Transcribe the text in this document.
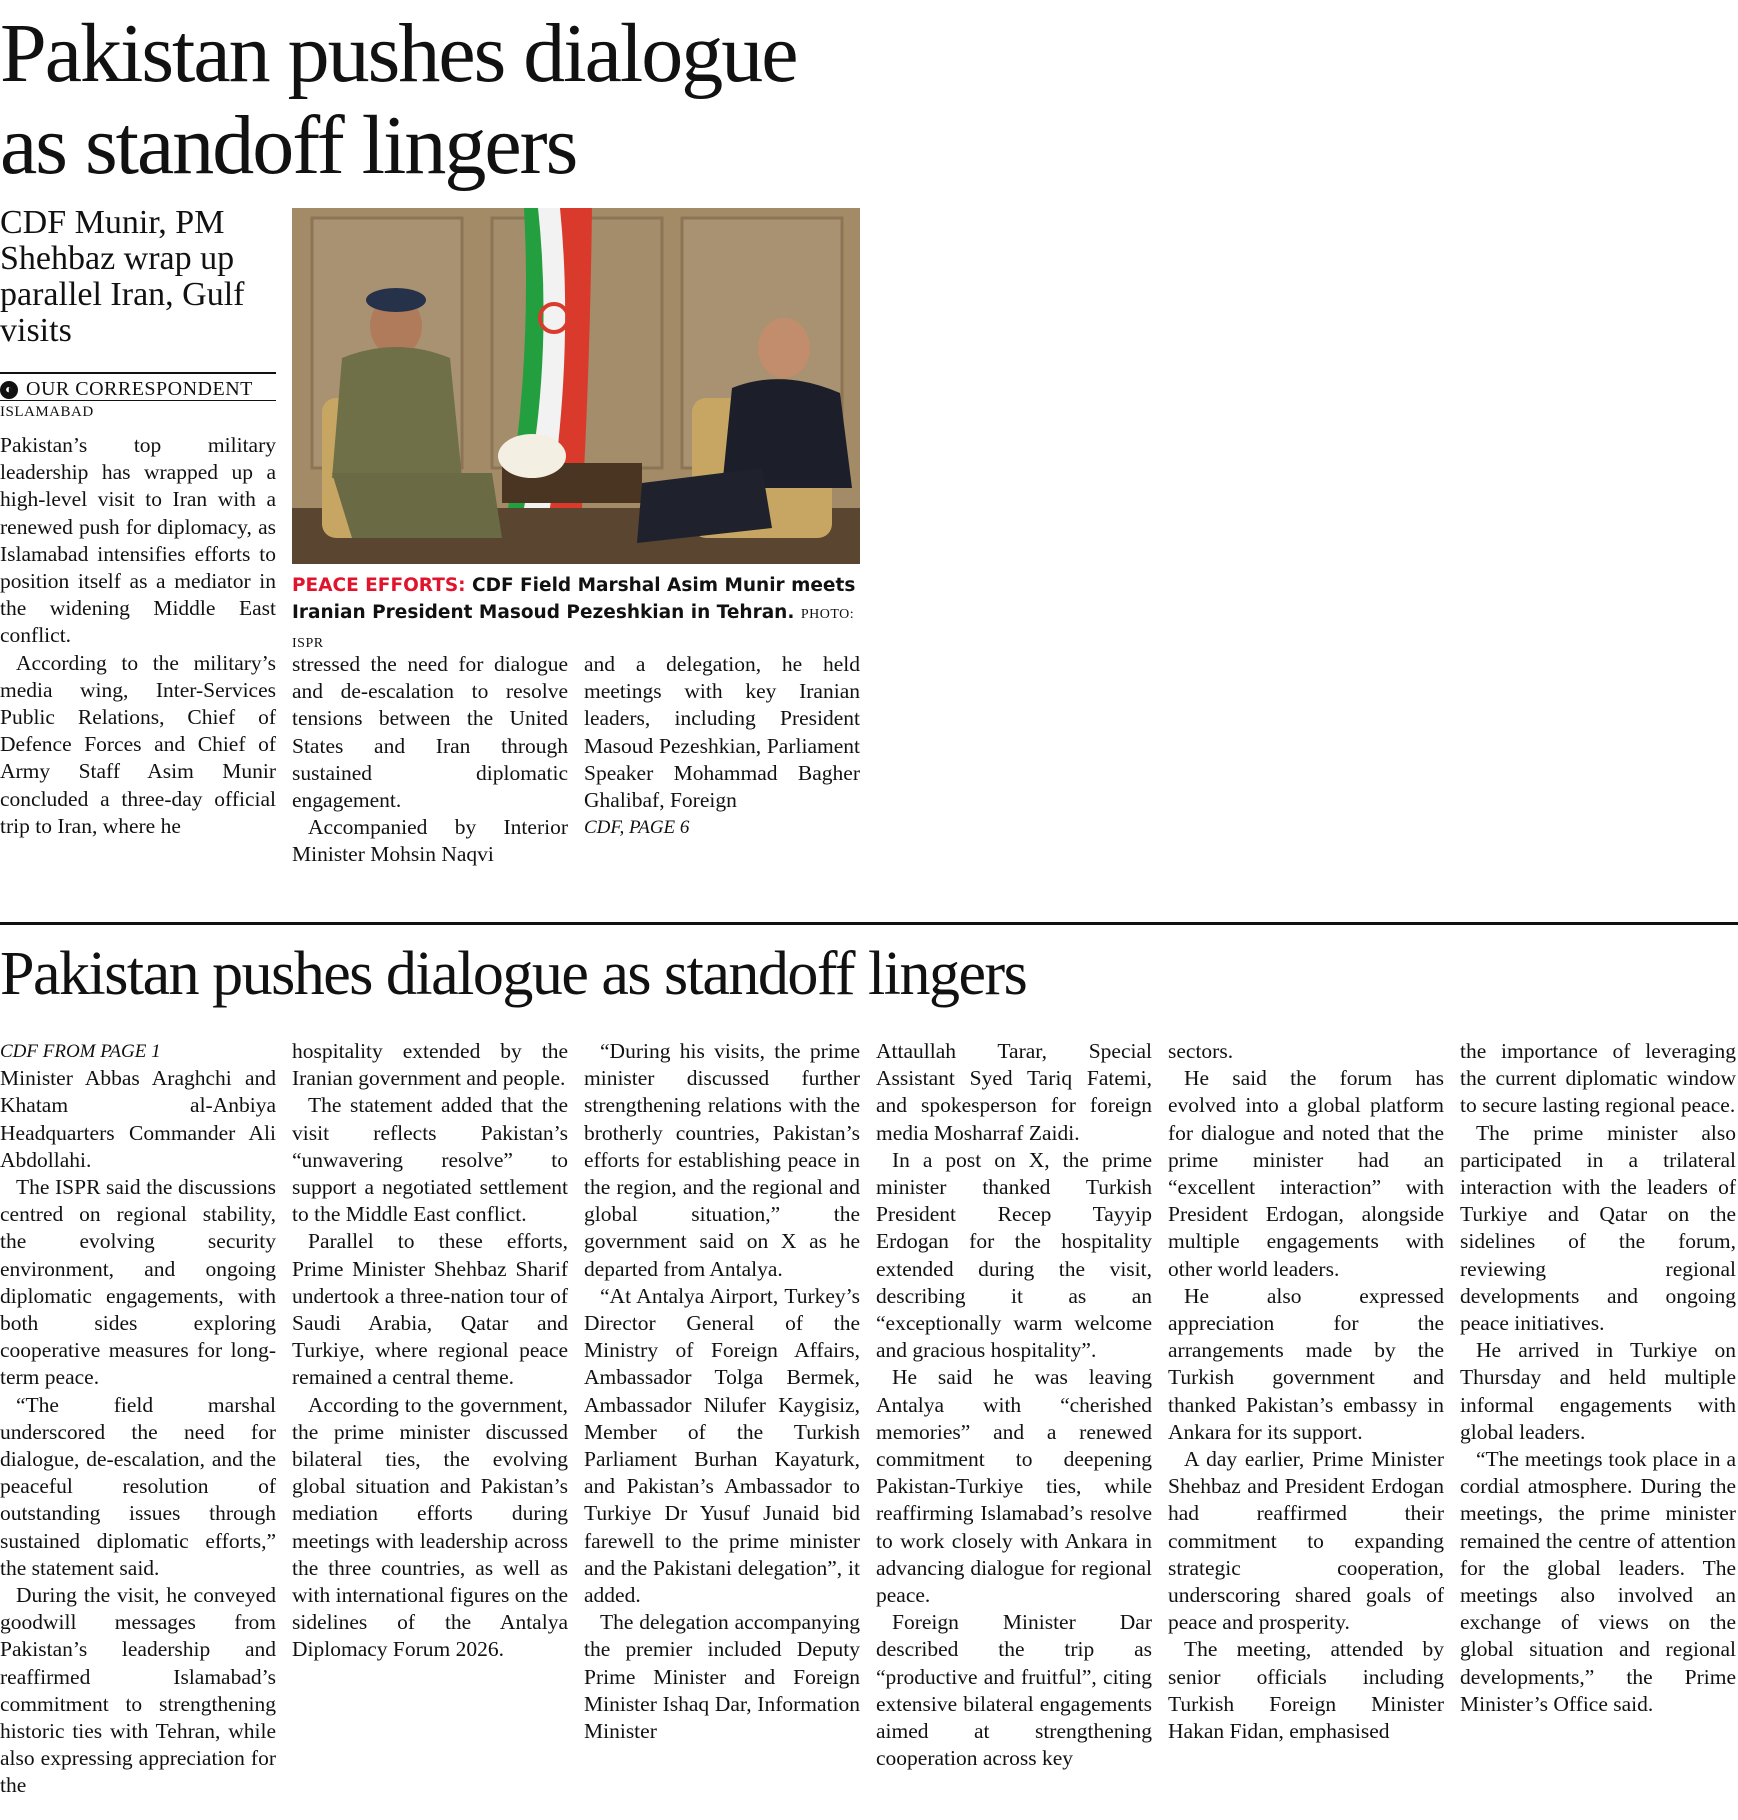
Pakistan pushes dialogue as standoff lingers
CDF Munir, PM Shehbaz wrap up parallel Iran, Gulf visits
◐ OUR CORRESPONDENT
ISLAMABAD

Pakistan’s top military leadership has wrapped up a high-level visit to Iran with a renewed push for diplomacy, as Islamabad intensifies efforts to position itself as a mediator in the widening Middle East conflict.

According to the military’s media wing, Inter-Services Public Relations, Chief of Defence Forces and Chief of Army Staff Asim Munir concluded a three-day official trip to Iran, where he

PEACE EFFORTS: CDF Field Marshal Asim Munir meets Iranian President Masoud Pezeshkian in Tehran. PHOTO: ISPR

stressed the need for dialogue and de-escalation to resolve tensions between the United States and Iran through sustained diplomatic engagement.

Accompanied by Interior Minister Mohsin Naqvi

and a delegation, he held meetings with key Iranian leaders, including President Masoud Pezeshkian, Parliament Speaker Mohammad Bagher Ghalibaf, Foreign

CDF, PAGE 6

Pakistan pushes dialogue as standoff lingers

CDF FROM PAGE 1

Minister Abbas Araghchi and Khatam al-Anbiya Headquarters Commander Ali Abdollahi.

The ISPR said the discussions centred on regional stability, the evolving security environment, and ongoing diplomatic engagements, with both sides exploring cooperative measures for long-term peace.

“The field marshal underscored the need for dialogue, de-escalation, and the peaceful resolution of outstanding issues through sustained diplomatic efforts,” the statement said.

During the visit, he conveyed goodwill messages from Pakistan’s leadership and reaffirmed Islamabad’s commitment to strengthening historic ties with Tehran, while also expressing appreciation for the

hospitality extended by the Iranian government and people.

The statement added that the visit reflects Pakistan’s “unwavering resolve” to support a negotiated settlement to the Middle East conflict.

Parallel to these efforts, Prime Minister Shehbaz Sharif undertook a three-nation tour of Saudi Arabia, Qatar and Turkiye, where regional peace remained a central theme.

According to the government, the prime minister discussed bilateral ties, the evolving global situation and Pakistan’s mediation efforts during meetings with leadership across the three countries, as well as with international figures on the sidelines of the Antalya Diplomacy Forum 2026.

“During his visits, the prime minister discussed further strengthening relations with the brotherly countries, Pakistan’s efforts for establishing peace in the region, and the regional and global situation,” the government said on X as he departed from Antalya.

“At Antalya Airport, Turkey’s Director General of the Ministry of Foreign Affairs, Ambassador Tolga Bermek, Ambassador Nilufer Kaygisiz, Member of the Turkish Parliament Burhan Kayaturk, and Pakistan’s Ambassador to Turkiye Dr Yusuf Junaid bid farewell to the prime minister and the Pakistani delegation”, it added.

The delegation accompanying the premier included Deputy Prime Minister and Foreign Minister Ishaq Dar, Information Minister

Attaullah Tarar, Special Assistant Syed Tariq Fatemi, and spokesperson for foreign media Mosharraf Zaidi.

In a post on X, the prime minister thanked Turkish President Recep Tayyip Erdogan for the hospitality extended during the visit, describing it as an “exceptionally warm welcome and gracious hospitality”.

He said he was leaving Antalya with “cherished memories” and a renewed commitment to deepening Pakistan-Turkiye ties, while reaffirming Islamabad’s resolve to work closely with Ankara in advancing dialogue for regional peace.

Foreign Minister Dar described the trip as “productive and fruitful”, citing extensive bilateral engagements aimed at strengthening cooperation across key

sectors.

He said the forum has evolved into a global platform for dialogue and noted that the prime minister had an “excellent interaction” with President Erdogan, alongside multiple engagements with other world leaders.

He also expressed appreciation for the arrangements made by the Turkish government and thanked Pakistan’s embassy in Ankara for its support.

A day earlier, Prime Minister Shehbaz and President Erdogan had reaffirmed their commitment to expanding strategic cooperation, underscoring shared goals of peace and prosperity.

The meeting, attended by senior officials including Turkish Foreign Minister Hakan Fidan, emphasised

the importance of leveraging the current diplomatic window to secure lasting regional peace.

The prime minister also participated in a trilateral interaction with the leaders of Turkiye and Qatar on the sidelines of the forum, reviewing regional developments and ongoing peace initiatives.

He arrived in Turkiye on Thursday and held multiple informal engagements with global leaders.

“The meetings took place in a cordial atmosphere. During the meetings, the prime minister remained the centre of attention for the global leaders. The meetings also involved an exchange of views on the global situation and regional developments,” the Prime Minister’s Office said.
